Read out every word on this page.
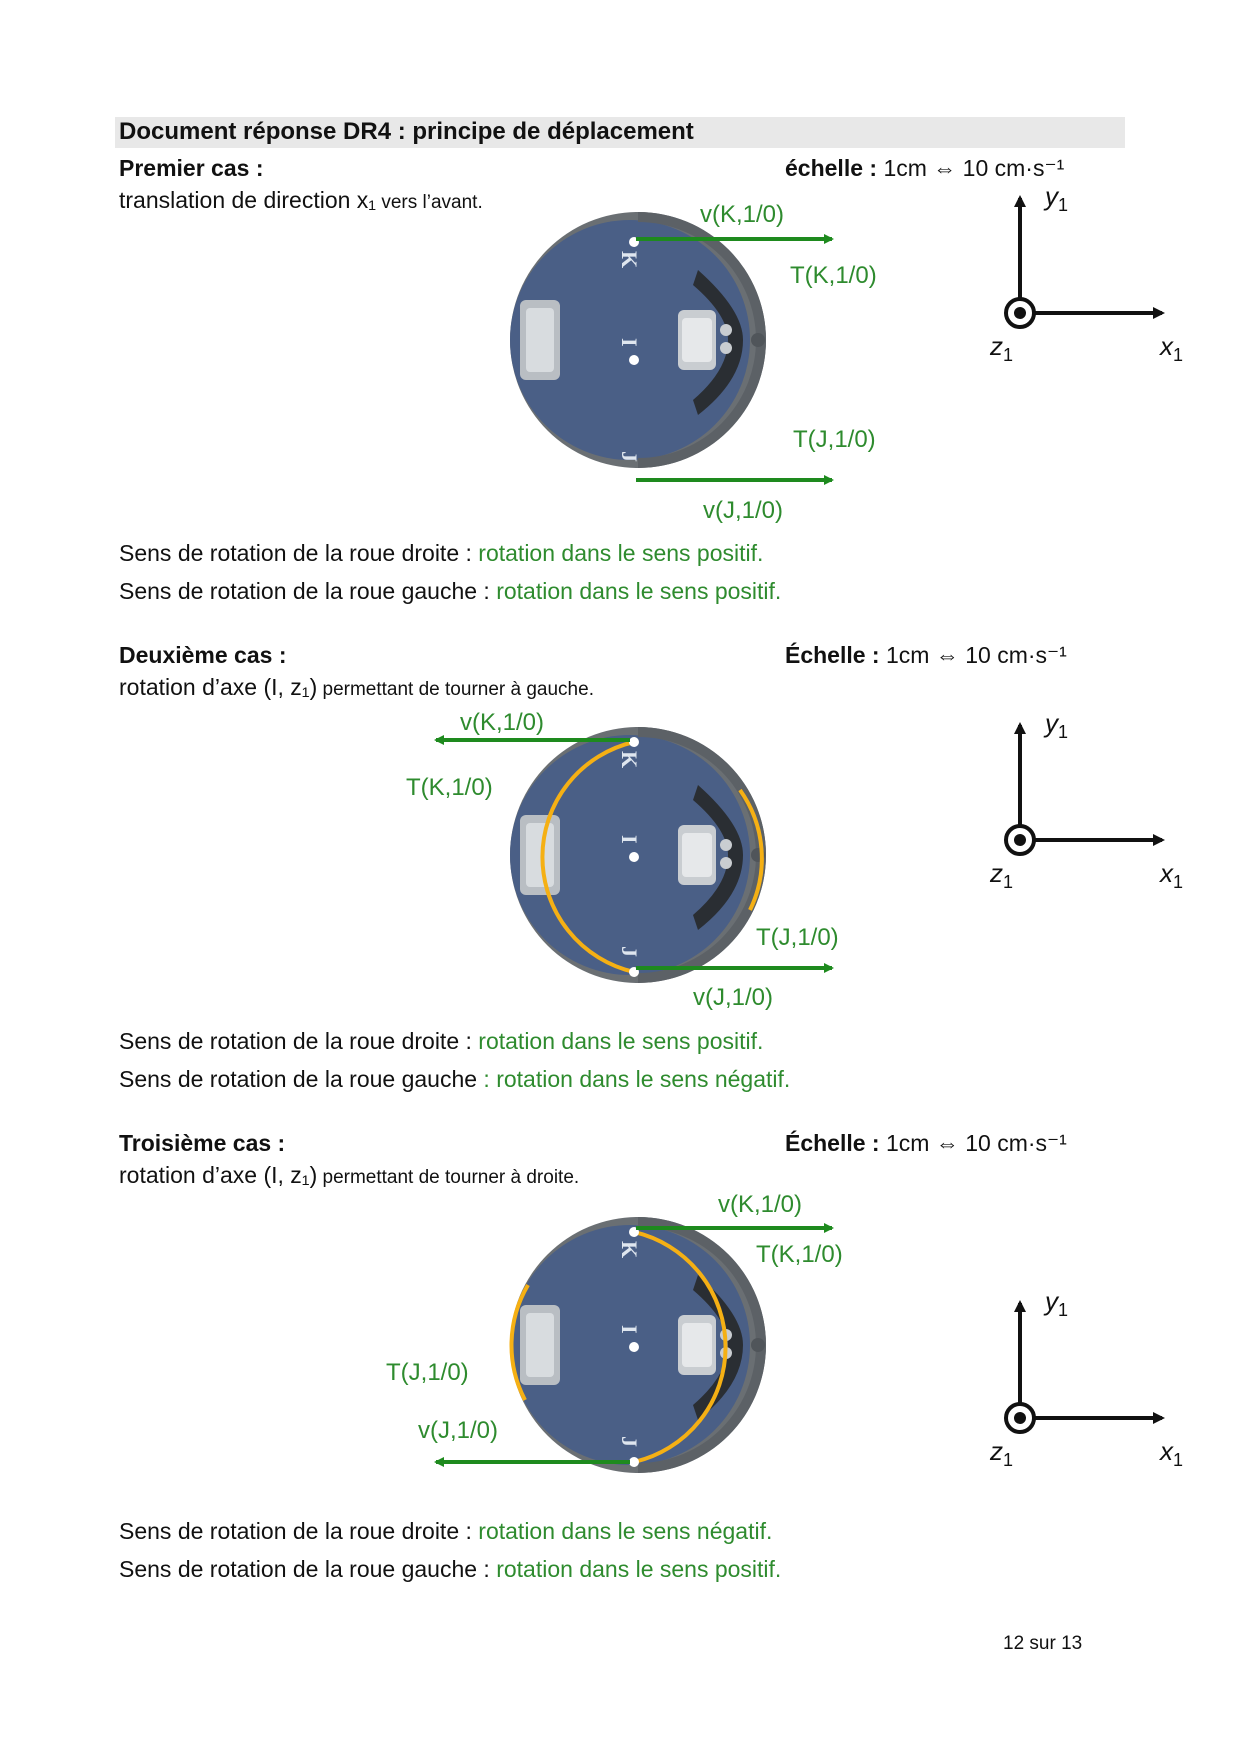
Document réponse DR4 : principe de déplacement
Premier cas :	échelle : 1cm ⇔ 10 cm·s⁻¹
translation de direction x₁ vers l’avant.
K
I
J
v(K,1/0)
T(K,1/0)
T(J,1/0)
v(J,1/0)
$y_1$
$z_1$	$x_1$
Sens de rotation de la roue droite : rotation dans le sens positif.
Sens de rotation de la roue gauche : rotation dans le sens positif.
Deuxième cas :	Échelle : 1cm ⇔ 10 cm·s⁻¹
rotation d’axe (I, z₁) permettant de tourner à gauche.
K
I
J
v(K,1/0)
T(K,1/0)
T(J,1/0)
v(J,1/0)
$y_1$
$z_1$	$x_1$
Sens de rotation de la roue droite : rotation dans le sens positif.
Sens de rotation de la roue gauche : rotation dans le sens négatif.
Troisième cas :	Échelle : 1cm ⇔ 10 cm·s⁻¹
rotation d’axe (I, z₁) permettant de tourner à droite.
K
I
J
v(K,1/0)
T(K,1/0)
T(J,1/0)
v(J,1/0)
$y_1$
$z_1$	$x_1$
Sens de rotation de la roue droite : rotation dans le sens négatif.
Sens de rotation de la roue gauche : rotation dans le sens positif.
12 sur 13
